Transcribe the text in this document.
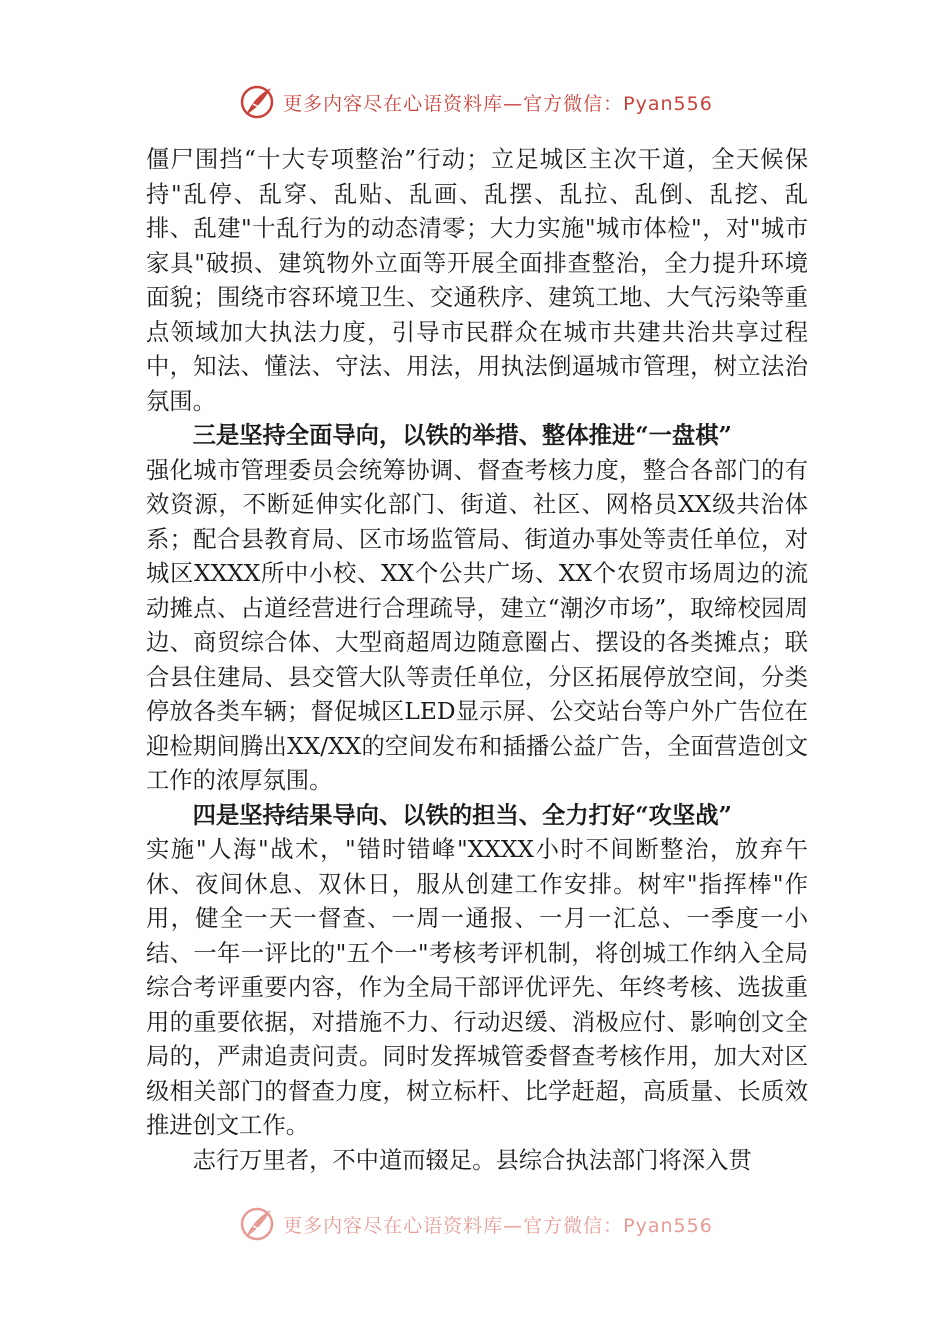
更多内容尽在心语资料库—官方微信：Pyan556

僵尸围挡“十大专项整治”行动；立足城区主次干道，全天候保持"乱停、乱穿、乱贴、乱画、乱摆、乱拉、乱倒、乱挖、乱排、乱建"十乱行为的动态清零；大力实施"城市体检"，对"城市家具"破损、建筑物外立面等开展全面排查整治，全力提升环境面貌；围绕市容环境卫生、交通秩序、建筑工地、大气污染等重点领域加大执法力度，引导市民群众在城市共建共治共享过程中，知法、懂法、守法、用法，用执法倒逼城市管理，树立法治氛围。

三是坚持全面导向，以铁的举措、整体推进“一盘棋”

强化城市管理委员会统筹协调、督查考核力度，整合各部门的有效资源，不断延伸实化部门、街道、社区、网格员XX级共治体系；配合县教育局、区市场监管局、街道办事处等责任单位，对城区XXXX所中小校、XX个公共广场、XX个农贸市场周边的流动摊点、占道经营进行合理疏导，建立“潮汐市场”，取缔校园周边、商贸综合体、大型商超周边随意圈占、摆设的各类摊点；联合县住建局、县交管大队等责任单位，分区拓展停放空间，分类停放各类车辆；督促城区LED显示屏、公交站台等户外广告位在迎检期间腾出XX/XX的空间发布和插播公益广告，全面营造创文工作的浓厚氛围。

四是坚持结果导向、以铁的担当、全力打好“攻坚战”

实施"人海"战术，"错时错峰"XXXX小时不间断整治，放弃午休、夜间休息、双休日，服从创建工作安排。树牢"指挥棒"作用，健全一天一督查、一周一通报、一月一汇总、一季度一小结、一年一评比的"五个一"考核考评机制，将创城工作纳入全局综合考评重要内容，作为全局干部评优评先、年终考核、选拔重用的重要依据，对措施不力、行动迟缓、消极应付、影响创文全局的，严肃追责问责。同时发挥城管委督查考核作用，加大对区级相关部门的督查力度，树立标杆、比学赶超，高质量、长质效推进创文工作。

志行万里者，不中道而辍足。县综合执法部门将深入贯

更多内容尽在心语资料库—官方微信：Pyan556
